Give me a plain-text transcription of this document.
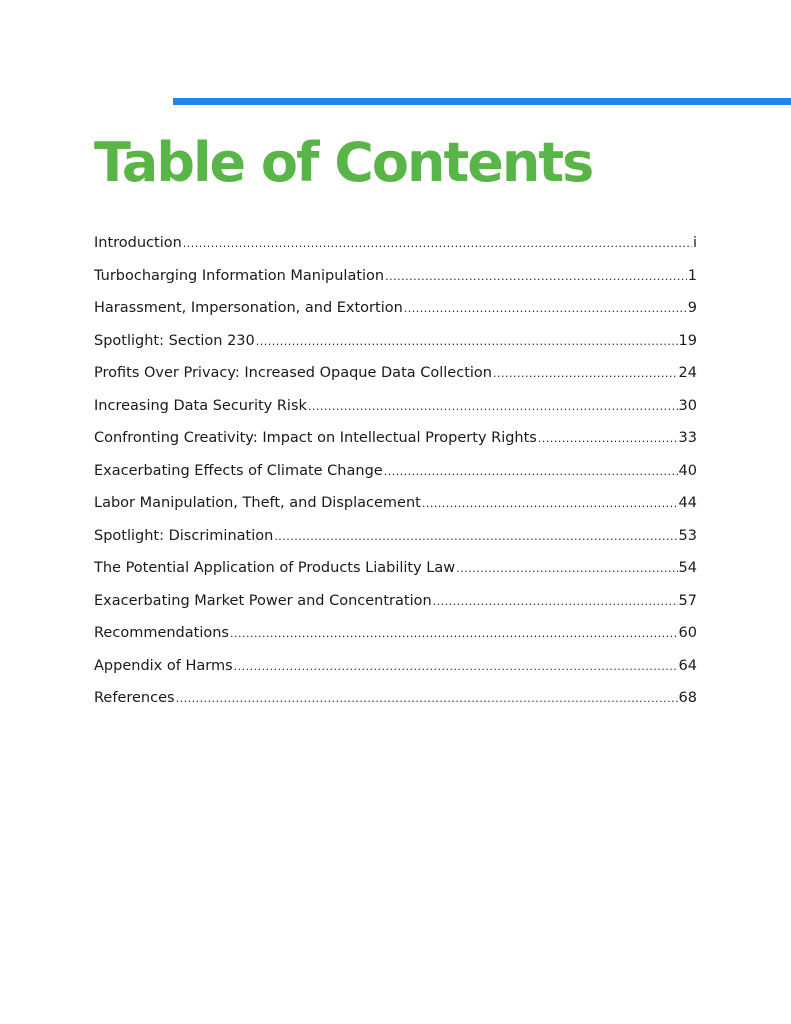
Table of Contents
Introduction .....	i
Turbocharging Information Manipulation .....	1
Harassment, Impersonation, and Extortion .....	9
Spotlight: Section 230 .....	19
Profits Over Privacy: Increased Opaque Data Collection .....	24
Increasing Data Security Risk .....	30
Confronting Creativity: Impact on Intellectual Property Rights .....	33
Exacerbating Effects of Climate Change .....	40
Labor Manipulation, Theft, and Displacement .....	44
Spotlight: Discrimination .....	53
The Potential Application of Products Liability Law .....	54
Exacerbating Market Power and Concentration .....	57
Recommendations .....	60
Appendix of Harms .....	64
References .....	68
